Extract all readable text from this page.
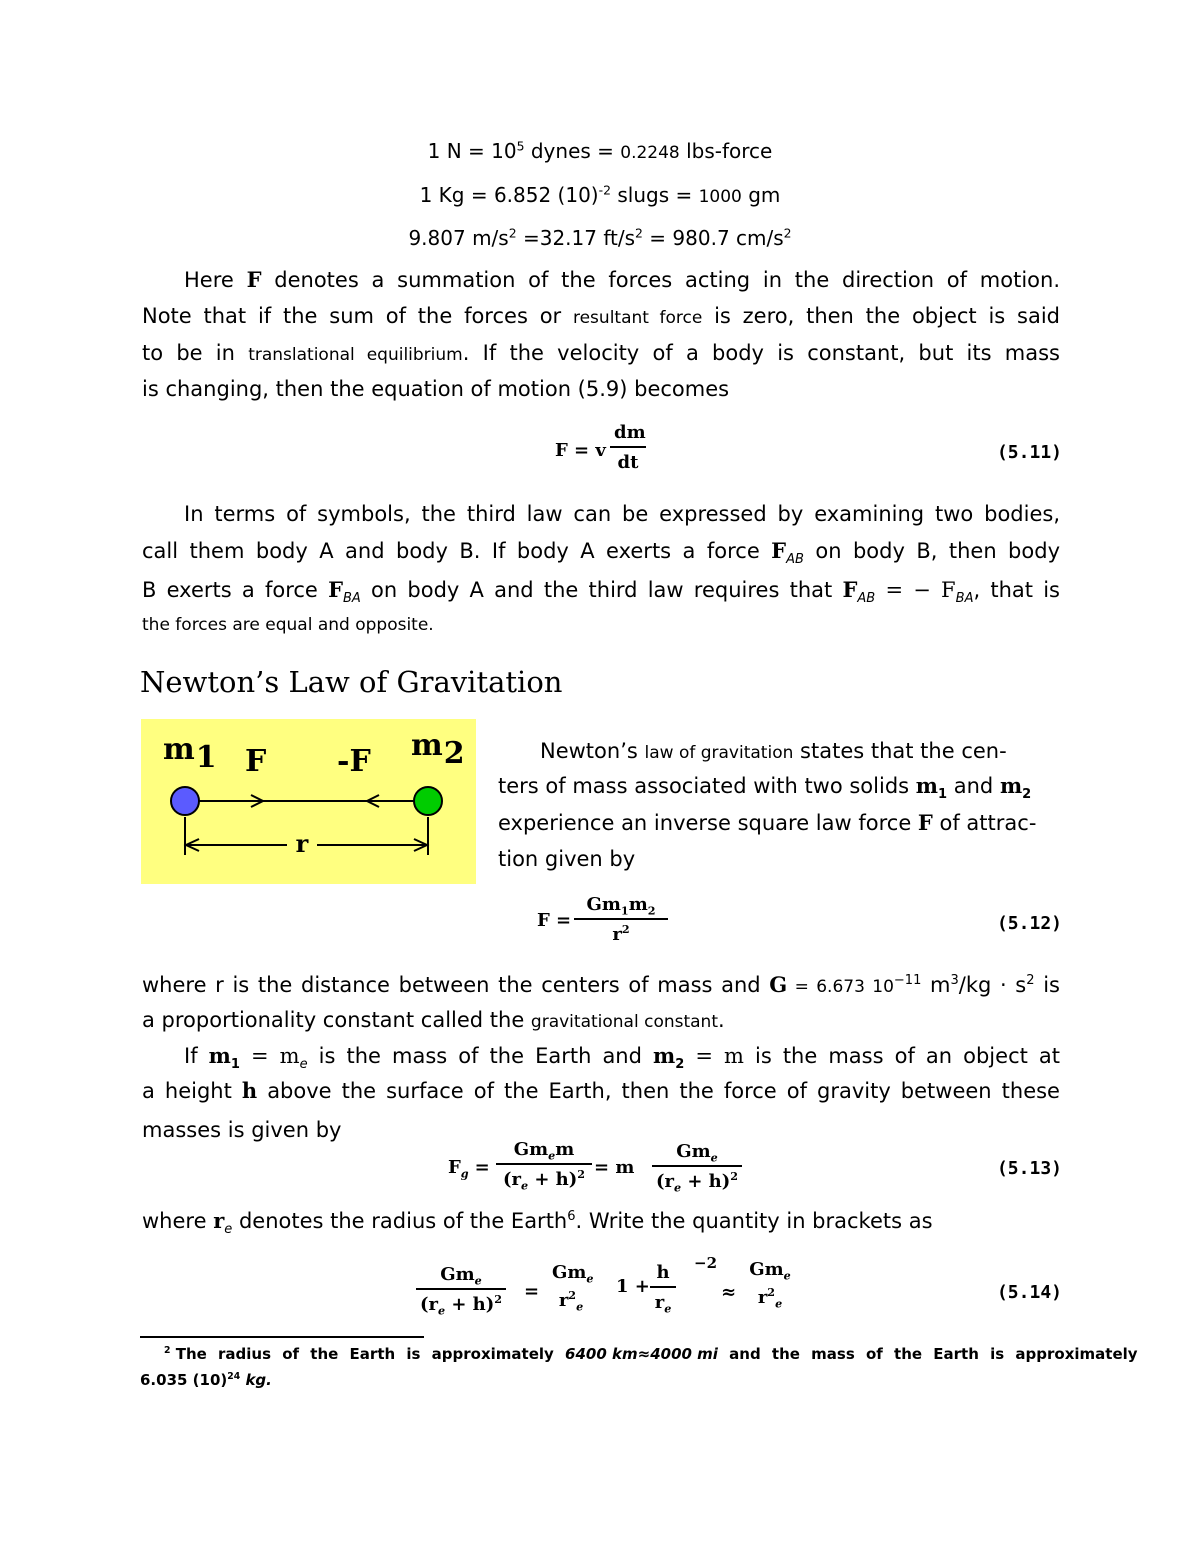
1 $N = 10^5$ dynes = 0.2248 lbs-force
1 Kg = 6.852 $(10)^{-2}$ slugs = 1000 gm
9.807 $m/s^2 =32.17$ $ft/s^2 = 980.7$ $cm/s^2$
Here F denotes a summation of the forces acting in the direction of motion.
Note that if the sum of the forces or resultant force is zero, then the object is said
to be in translational equilibrium. If the velocity of a body is constant, but its mass
is changing, then the equation of motion (5.9) becomes
F = v $\frac{dm}{dt}$	(5.11)
In terms of symbols, the third law can be expressed by examining two bodies,
call them body A and body B. If body A exerts a force $F_{AB}$ on body B, then body
B exerts a force $F_{BA}$ on body A and the third law requires that $F_{AB}$ = − $F_{BA}$, that is
the forces are equal and opposite.
Newton’s Law of Gravitation
m1 F -F m2
r
Newton’s law of gravitation states that the cen-
ters of mass associated with two solids $m_1$ and $m_2$
experience an inverse square law force F of attrac-
tion given by
$F = \frac{Gm_1m_2}{r^2}$	(5.12)
where r is the distance between the centers of mass and G = 6.673 $10^{-11}$ $m^3/kg \cdot s^2$ is
a proportionality constant called the gravitational constant.
If $m_1 = m_e$ is the mass of the Earth and $m_2 = m$ is the mass of an object at
a height h above the surface of the Earth, then the force of gravity between these
masses is given by
$F_g$ =
$Gm_em$
$(r_e + h)^2 = m$
$Gm_e$
$(r_e + h)^2$	(5.13)
where $r_e$ denotes the radius of the Earth$^6$. Write the quantity in brackets as
$Gm_e$
$(r_e + h)^2$ =
$Gm_e$
$r^2_e$
$1 + \frac{h}{r_e} -2$
≈
$Gm_e$
$r^2_e$
(5.14)
$^2$ The radius of the Earth is approximately 6400 km≈4000 mi and the mass of the Earth is approximately
6.035 $(10)^{24}$ kg.
